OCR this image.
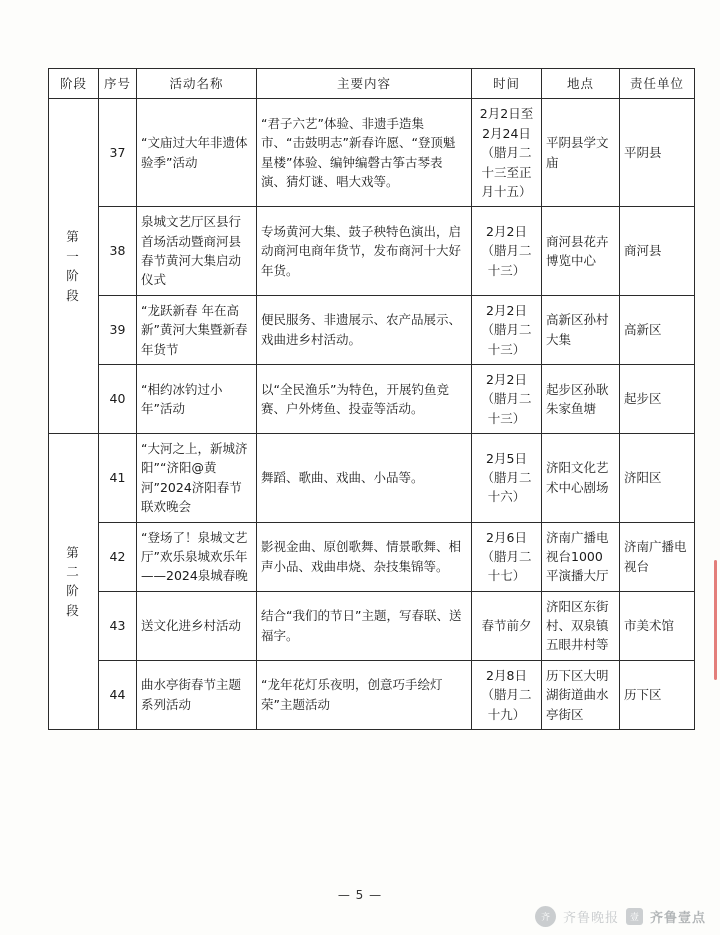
阶段	序号	活动名称	主要内容	时间	地点	责任单位

第
一
阶
段	37	“文庙过大年非遗体验季”活动	“君子六艺”体验、非遗手造集市、“击鼓明志”新春许愿、“登顶魁星楼”体验、编钟编磬古筝古琴表演、猜灯谜、唱大戏等。	2月2日至2月24日（腊月二十三至正月十五）	平阴县学文庙	平阴县
	38	泉城文艺厅区县行首场活动暨商河县春节黄河大集启动仪式	专场黄河大集、鼓子秧特色演出，启动商河电商年货节，发布商河十大好年货。	2月2日（腊月二十三）	商河县花卉博览中心	商河县
	39	“龙跃新春 年在高新”黄河大集暨新春年货节	便民服务、非遗展示、农产品展示、戏曲进乡村活动。	2月2日（腊月二十三）	高新区孙村大集	高新区
	40	“相约冰钓过小年”活动	以“全民渔乐”为特色，开展钓鱼竞赛、户外烤鱼、投壶等活动。	2月2日（腊月二十三）	起步区孙耿朱家鱼塘	起步区

第
二
阶
段	41	“大河之上，新城济阳”“济阳@黄河”2024济阳春节联欢晚会	舞蹈、歌曲、戏曲、小品等。	2月5日（腊月二十六）	济阳文化艺术中心剧场	济阳区
	42	“登场了！泉城文艺厅”欢乐泉城欢乐年——2024泉城春晚	影视金曲、原创歌舞、情景歌舞、相声小品、戏曲串烧、杂技集锦等。	2月6日（腊月二十七）	济南广播电视台1000平演播大厅	济南广播电视台
	43	送文化进乡村活动	结合“我们的节日”主题，写春联、送福字。	春节前夕	济阳区东街村、双泉镇五眼井村等	市美术馆
	44	曲水亭街春节主题系列活动	“龙年花灯乐夜明，创意巧手绘灯荣”主题活动	2月8日（腊月二十九）	历下区大明湖街道曲水亭街区	历下区
— 5 —
齐	齐鲁晚报	壹 齐鲁壹点
